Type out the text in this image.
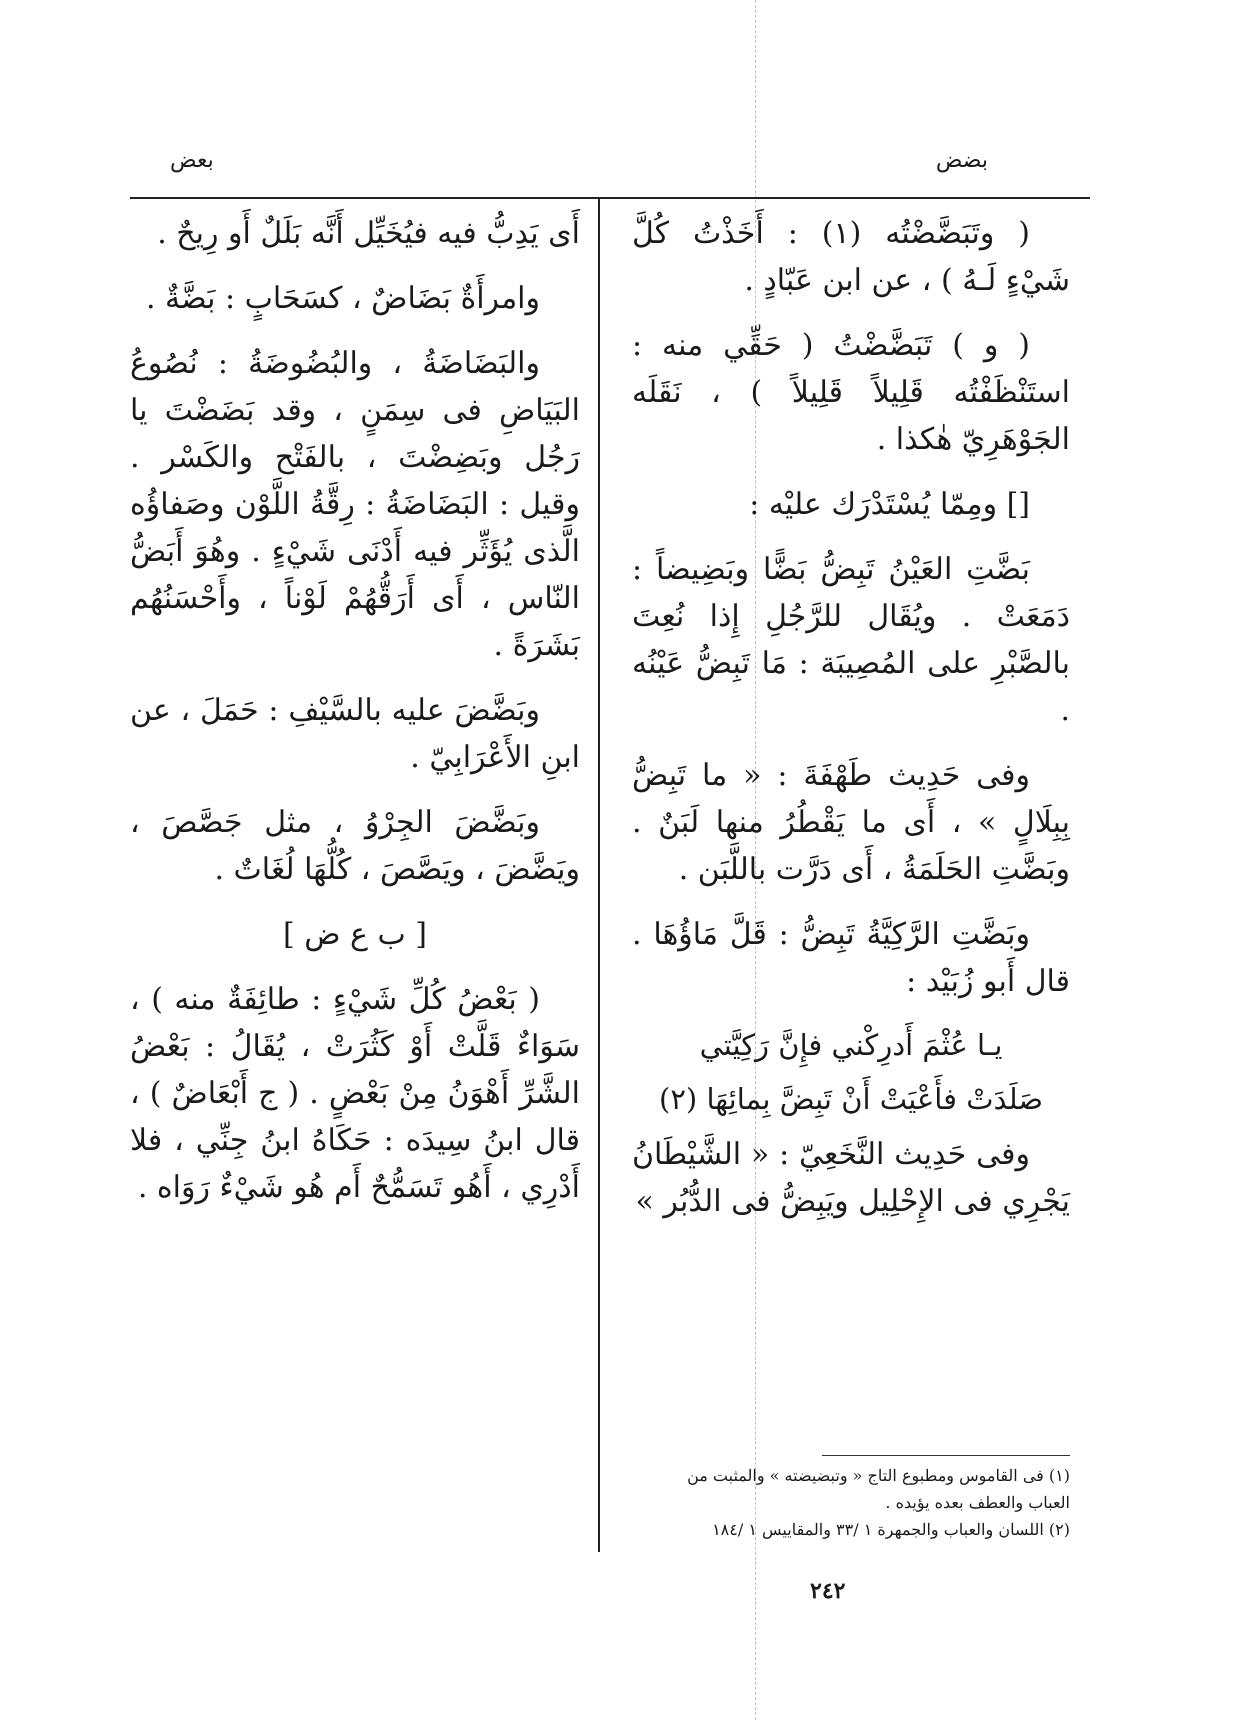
بضض
بعض

( وتَبَضَّضْتُه (١) : أَخَذْتُ كُلَّ شَيْءٍ لَـهُ ) ، عن ابن عَبّادٍ .

( و ) تَبَضَّضْتُ ( حَقِّي منه : استَنْظَفْتُه قَلِيلاً قَلِيلاً ) ، نَقَلَه الجَوْهَرِيّ هٰكذا .

[] ومِمّا يُسْتَدْرَك عليْه :

بَضَّتِ العَيْنُ تَبِضُّ بَضًّا وبَضِيضاً : دَمَعَتْ . ويُقَال للرَّجُلِ إِذا نُعِتَ بالصَّبْرِ على المُصِيبَة : مَا تَبِضُّ عَيْنُه .

وفى حَدِيث طَهْفَةَ : « ما تَبِضُّ بِبِلَالٍ » ، أَى ما يَقْطُرُ منها لَبَنٌ . وبَضَّتِ الحَلَمَةُ ، أَى دَرَّت باللَّبَن .

وبَضَّتِ الرَّكِيَّةُ تَبِضُّ : قَلَّ مَاؤُهَا . قال أَبو زُبَيْد :

يـا عُثْمَ أَدرِكْني فإِنَّ رَكِيَّتي

صَلَدَتْ فأَعْيَتْ أَنْ تَبِضَّ بِمائِهَا (٢)

وفى حَدِيث النَّخَعِيّ : « الشَّيْطَانُ يَجْرِي فى الإِحْلِيل ويَبِضُّ فى الدُّبُر »

أَى يَدِبُّ فيه فيُخَيِّل أَنَّه بَلَلٌ أَو رِيحٌ .

وامرأَةٌ بَضَاضٌ ، كسَحَابٍ : بَضَّةٌ .

والبَضَاضَةُ ، والبُضُوضَةُ : نُصُوعُ البَيَاضِ فى سِمَنٍ ، وقد بَضَضْتَ يا رَجُل وبَضِضْتَ ، بالفَتْح والكَسْر . وقيل : البَضَاضَةُ : رِقَّةُ اللَّوْن وصَفاؤُه الَّذى يُؤَثِّر فيه أَدْنَى شَيْءٍ . وهُوَ أَبَضُّ النّاس ، أَى أَرَقُّهُمْ لَوْناً ، وأَحْسَنُهُم بَشَرَةً .

وبَضَّضَ عليه بالسَّيْفِ : حَمَلَ ، عن ابنِ الأَعْرَابِيّ .

وبَضَّضَ الجِرْوُ ، مثل جَصَّصَ ، ويَضَّضَ ، ويَصَّصَ ، كُلُّهَا لُغَاتٌ .

[ ب ع ض ]

( بَعْضُ كُلِّ شَيْءٍ : طائِفَةٌ منه ) ، سَوَاءٌ قَلَّتْ أَوْ كَثُرَتْ ، يُقَالُ : بَعْضُ الشَّرِّ أَهْوَنُ مِنْ بَعْضٍ . ( ج أَبْعَاضٌ ) ، قال ابنُ سِيدَه : حَكَاهُ ابنُ جِنِّي ، فلا أَدْرِي ، أَهُو تَسَمُّحٌ أَم هُو شَيْءٌ رَوَاه .

(١) فى القاموس ومطبوع التاج « وتبضيضته » والمثبت من
العباب والعطف بعده يؤيده .
(٢) اللسان والعباب والجمهرة ١ /٣٣ والمقاييس ١ /١٨٤
٢٤٢
